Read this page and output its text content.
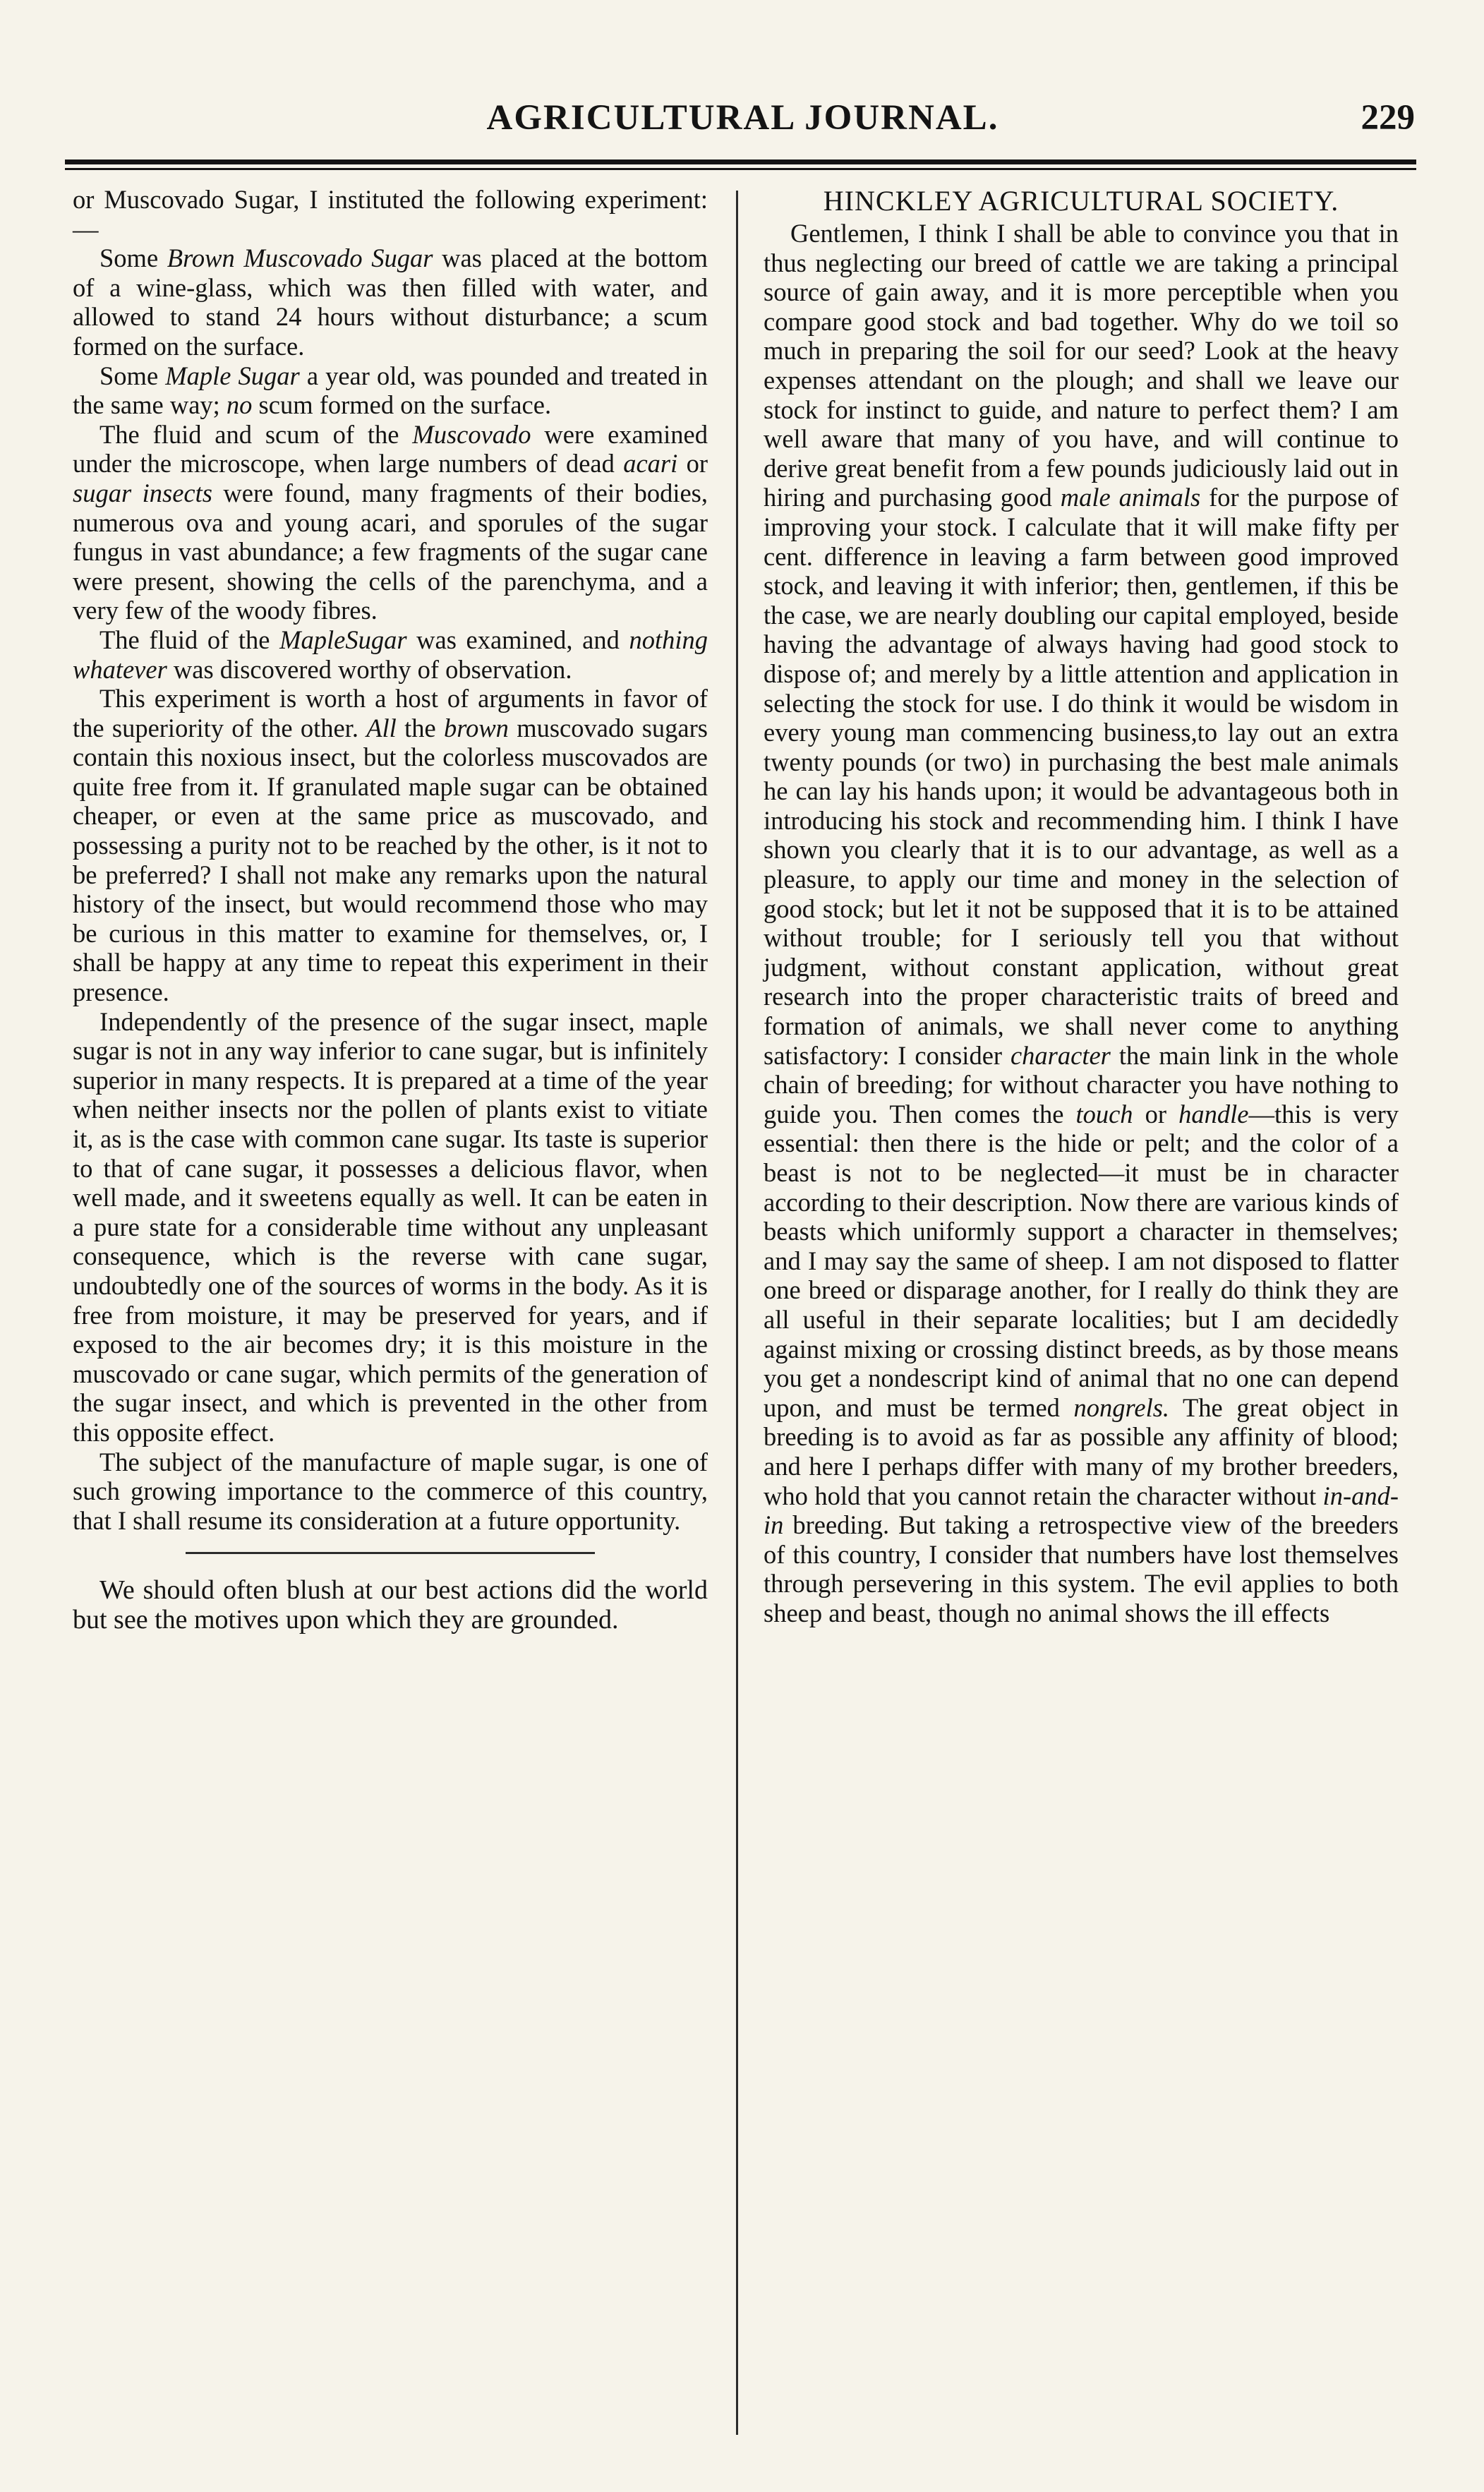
AGRICULTURAL JOURNAL.	229

or Muscovado Sugar, I instituted the following experiment:—

Some Brown Muscovado Sugar was placed at the bottom of a wine-glass, which was then filled with water, and allowed to stand 24 hours without disturbance; a scum formed on the surface.

Some Maple Sugar a year old, was pounded and treated in the same way; no scum formed on the surface.

The fluid and scum of the Muscovado were examined under the microscope, when large numbers of dead acari or sugar insects were found, many fragments of their bodies, numerous ova and young acari, and sporules of the sugar fungus in vast abundance; a few fragments of the sugar cane were present, showing the cells of the parenchyma, and a very few of the woody fibres.

The fluid of the MapleSugar was examined, and nothing whatever was discovered worthy of observation.

This experiment is worth a host of arguments in favor of the superiority of the other. All the brown muscovado sugars contain this noxious insect, but the colorless muscovados are quite free from it. If granulated maple sugar can be obtained cheaper, or even at the same price as muscovado, and possessing a purity not to be reached by the other, is it not to be preferred? I shall not make any remarks upon the natural history of the insect, but would recommend those who may be curious in this matter to examine for themselves, or, I shall be happy at any time to repeat this experiment in their presence.

Independently of the presence of the sugar insect, maple sugar is not in any way inferior to cane sugar, but is infinitely superior in many respects. It is prepared at a time of the year when neither insects nor the pollen of plants exist to vitiate it, as is the case with common cane sugar. Its taste is superior to that of cane sugar, it possesses a delicious flavor, when well made, and it sweetens equally as well. It can be eaten in a pure state for a considerable time without any unpleasant consequence, which is the reverse with cane sugar, undoubtedly one of the sources of worms in the body. As it is free from moisture, it may be preserved for years, and if exposed to the air becomes dry; it is this moisture in the muscovado or cane sugar, which permits of the generation of the sugar insect, and which is prevented in the other from this opposite effect.

The subject of the manufacture of maple sugar, is one of such growing importance to the commerce of this country, that I shall resume its consideration at a future opportunity.

We should often blush at our best actions did the world but see the motives upon which they are grounded.

HINCKLEY AGRICULTURAL SOCIETY.

Gentlemen, I think I shall be able to convince you that in thus neglecting our breed of cattle we are taking a principal source of gain away, and it is more perceptible when you compare good stock and bad together. Why do we toil so much in preparing the soil for our seed? Look at the heavy expenses attendant on the plough; and shall we leave our stock for instinct to guide, and nature to perfect them? I am well aware that many of you have, and will continue to derive great benefit from a few pounds judiciously laid out in hiring and purchasing good male animals for the purpose of improving your stock. I calculate that it will make fifty per cent. difference in leaving a farm between good improved stock, and leaving it with inferior; then, gentlemen, if this be the case, we are nearly doubling our capital employed, beside having the advantage of always having had good stock to dispose of; and merely by a little attention and application in selecting the stock for use. I do think it would be wisdom in every young man commencing business,to lay out an extra twenty pounds (or two) in purchasing the best male animals he can lay his hands upon; it would be advantageous both in introducing his stock and recommending him. I think I have shown you clearly that it is to our advantage, as well as a pleasure, to apply our time and money in the selection of good stock; but let it not be supposed that it is to be attained without trouble; for I seriously tell you that without judgment, without constant application, without great research into the proper characteristic traits of breed and formation of animals, we shall never come to anything satisfactory: I consider character the main link in the whole chain of breeding; for without character you have nothing to guide you. Then comes the touch or handle—this is very essential: then there is the hide or pelt; and the color of a beast is not to be neglected—it must be in character according to their description. Now there are various kinds of beasts which uniformly support a character in themselves; and I may say the same of sheep. I am not disposed to flatter one breed or disparage another, for I really do think they are all useful in their separate localities; but I am decidedly against mixing or crossing distinct breeds, as by those means you get a nondescript kind of animal that no one can depend upon, and must be termed nongrels. The great object in breeding is to avoid as far as possible any affinity of blood; and here I perhaps differ with many of my brother breeders, who hold that you cannot retain the character without in-and-in breeding. But taking a retrospective view of the breeders of this country, I consider that numbers have lost themselves through persevering in this system. The evil applies to both sheep and beast, though no animal shows the ill effects
